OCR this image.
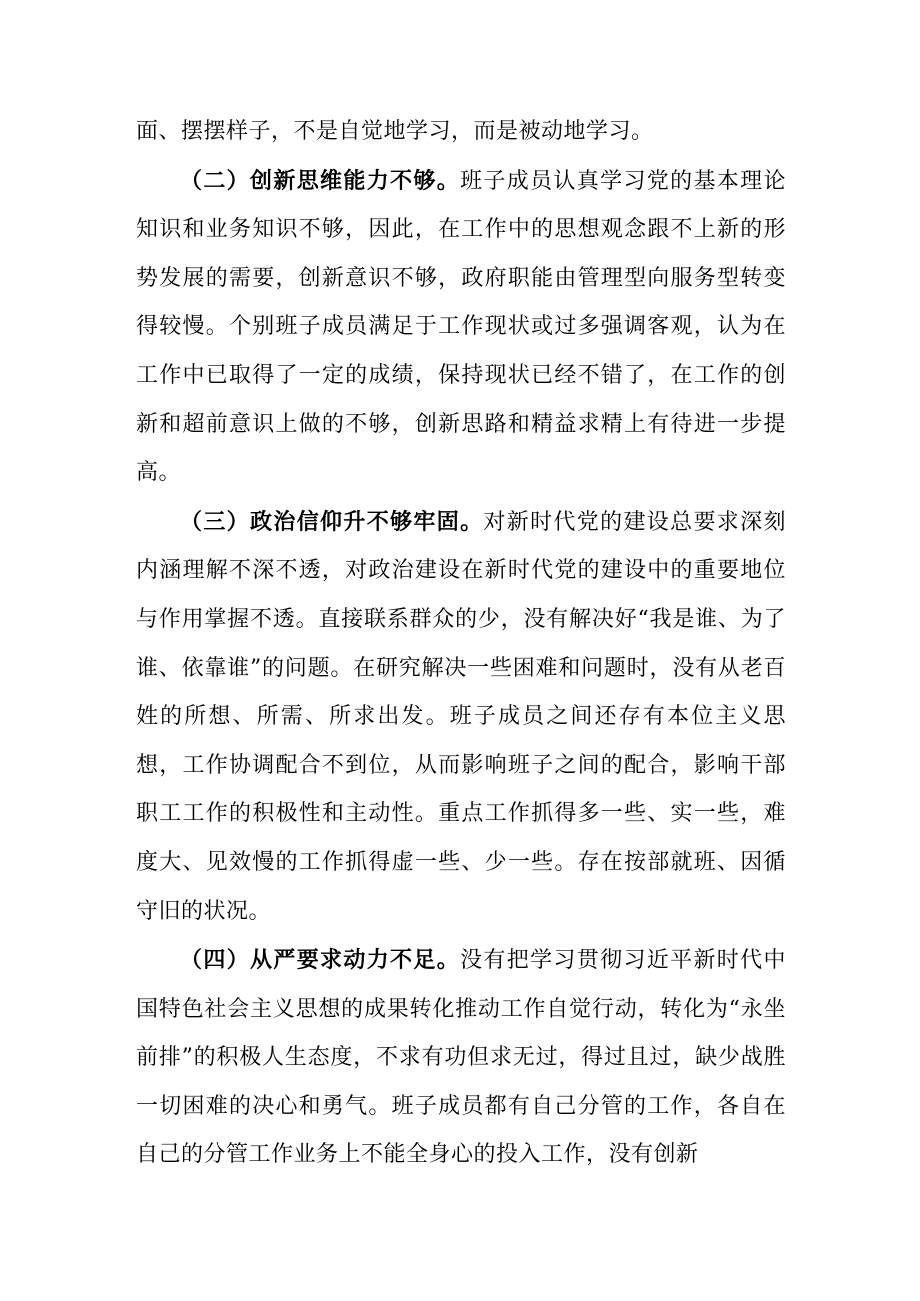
面、摆摆样子，不是自觉地学习，而是被动地学习。

（二）创新思维能力不够。班子成员认真学习党的基本理论知识和业务知识不够，因此，在工作中的思想观念跟不上新的形势发展的需要，创新意识不够，政府职能由管理型向服务型转变得较慢。个别班子成员满足于工作现状或过多强调客观，认为在工作中已取得了一定的成绩，保持现状已经不错了，在工作的创新和超前意识上做的不够，创新思路和精益求精上有待进一步提高。

（三）政治信仰升不够牢固。对新时代党的建设总要求深刻内涵理解不深不透，对政治建设在新时代党的建设中的重要地位与作用掌握不透。直接联系群众的少，没有解决好“我是谁、为了谁、依靠谁”的问题。在研究解决一些困难和问题时，没有从老百姓的所想、所需、所求出发。班子成员之间还存有本位主义思想，工作协调配合不到位，从而影响班子之间的配合，影响干部职工工作的积极性和主动性。重点工作抓得多一些、实一些，难度大、见效慢的工作抓得虚一些、少一些。存在按部就班、因循守旧的状况。

（四）从严要求动力不足。没有把学习贯彻习近平新时代中国特色社会主义思想的成果转化推动工作自觉行动，转化为“永坐前排”的积极人生态度，不求有功但求无过，得过且过，缺少战胜一切困难的决心和勇气。班子成员都有自己分管的工作，各自在自己的分管工作业务上不能全身心的投入工作，没有创新
